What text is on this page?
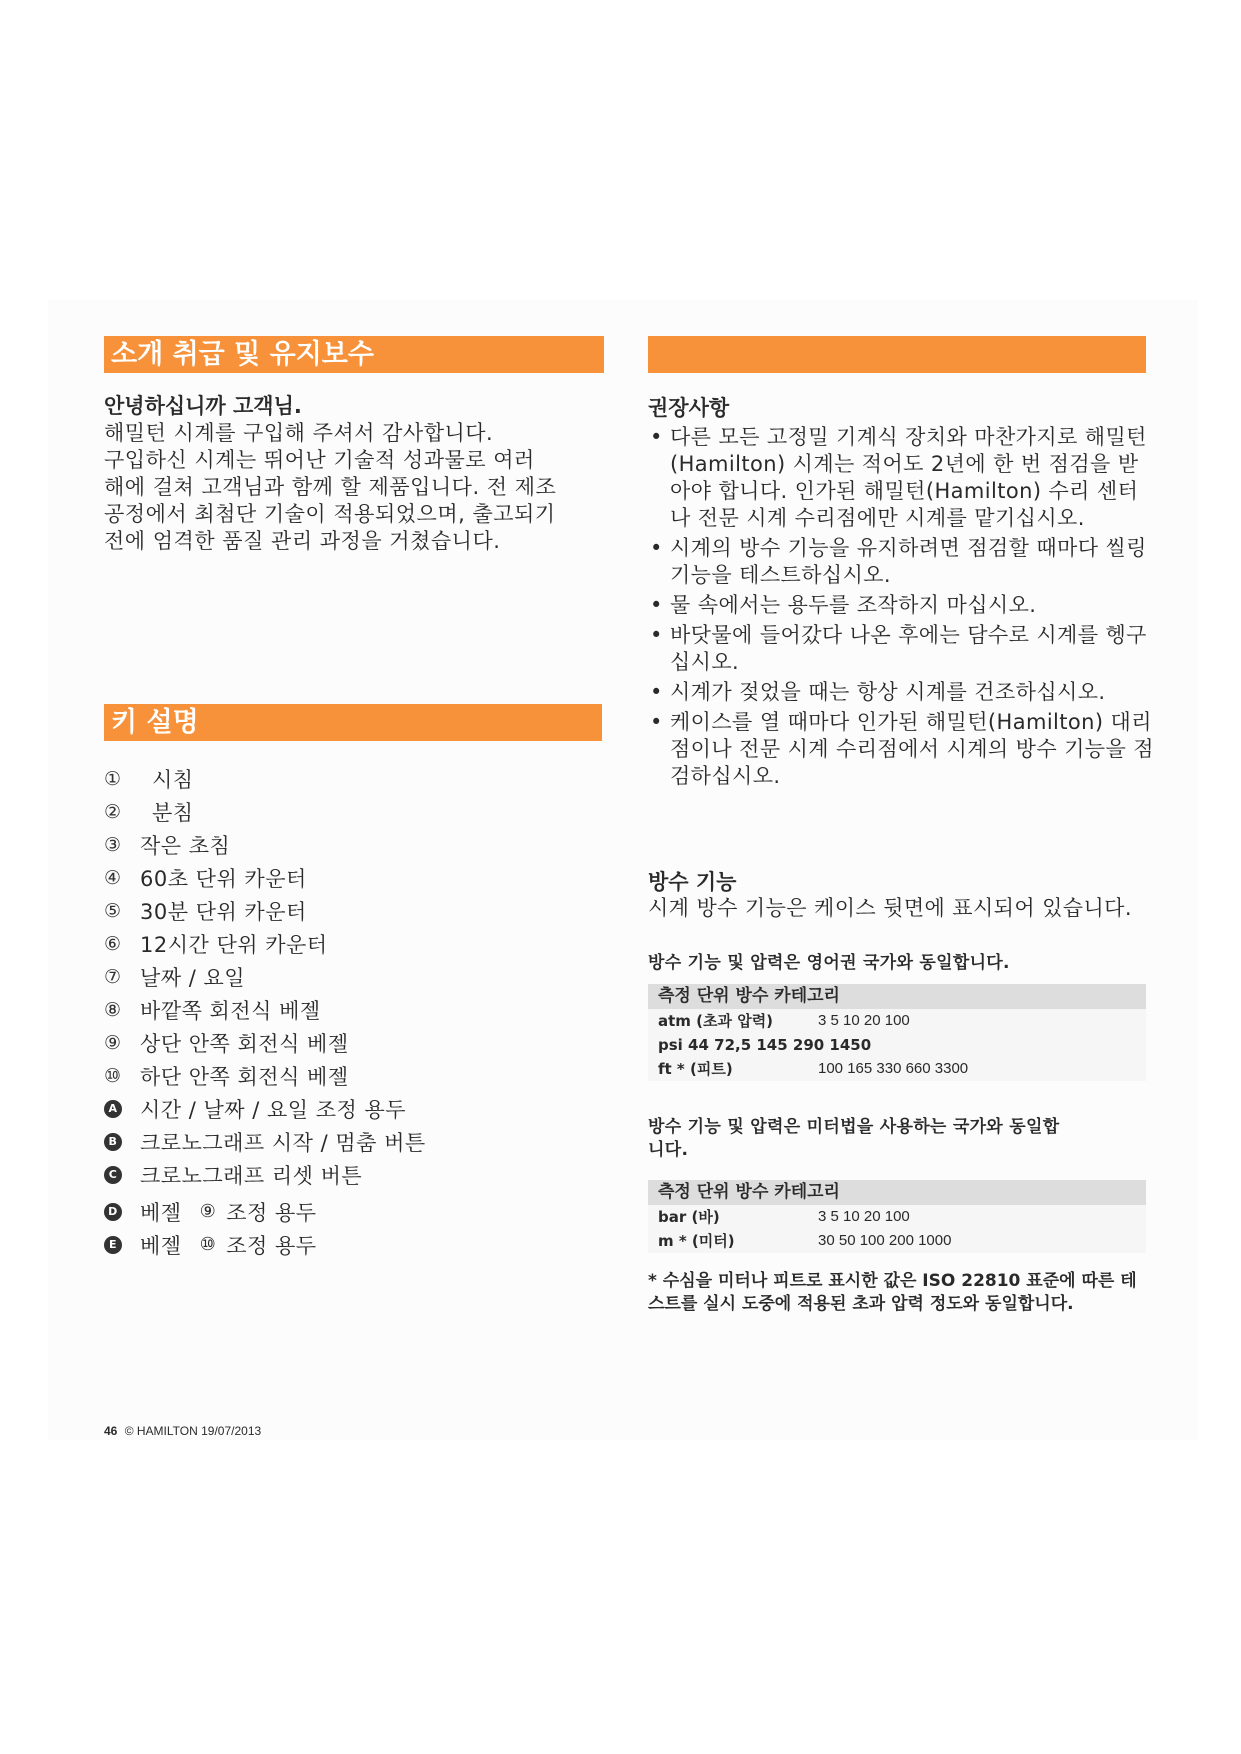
소개 취급 및 유지보수

안녕하십니까 고객님.

해밀턴 시계를 구입해 주셔서 감사합니다.

구입하신 시계는 뛰어난 기술적 성과물로 여러

해에 걸쳐 고객님과 함께 할 제품입니다. 전 제조

공정에서 최첨단 기술이 적용되었으며, 출고되기

전에 엄격한 품질 관리 과정을 거쳤습니다.

키 설명
①	시침
②	분침
③ 작은 초침
④ 60초 단위 카운터
⑤ 30분 단위 카운터
⑥ 12시간 단위 카운터
⑦ 날짜 / 요일
⑧ 바깥쪽 회전식 베젤
⑨ 상단 안쪽 회전식 베젤
⑩ 하단 안쪽 회전식 베젤
A 시간 / 날짜 / 요일 조정 용두
B 크로노그래프 시작 / 멈춤 버튼
C 크로노그래프 리셋 버튼
D 베젤 ⑨ 조정 용두
E 베젤 ⑩ 조정 용두

권장사항

• 다른 모든 고정밀 기계식 장치와 마찬가지로 해밀턴(Hamilton) 시계는 적어도 2년에 한 번 점검을 받아야 합니다. 인가된 해밀턴(Hamilton) 수리 센터나 전문 시계 수리점에만 시계를 맡기십시오.
• 시계의 방수 기능을 유지하려면 점검할 때마다 씰링 기능을 테스트하십시오.
• 물 속에서는 용두를 조작하지 마십시오.
• 바닷물에 들어갔다 나온 후에는 담수로 시계를 헹구십시오.
• 시계가 젖었을 때는 항상 시계를 건조하십시오.
• 케이스를 열 때마다 인가된 해밀턴(Hamilton) 대리점이나 전문 시계 수리점에서 시계의 방수 기능을 점검하십시오.

방수 기능

시계 방수 기능은 케이스 뒷면에 표시되어 있습니다.

방수 기능 및 압력은 영어권 국가와 동일합니다.
측정 단위 방수 카테고리
atm (초과 압력)	3 5 10 20 100
psi 44 72,5 145 290 1450
ft * (피트)	100 165 330 660 3300
방수 기능 및 압력은 미터법을 사용하는 국가와 동일합니다.
측정 단위 방수 카테고리
bar (바)	3 5 10 20 100
m * (미터)	30 50 100 200 1000
* 수심을 미터나 피트로 표시한 값은 ISO 22810 표준에 따른 테스트를 실시 도중에 적용된 초과 압력 정도와 동일합니다.
46 © HAMILTON 19/07/2013
